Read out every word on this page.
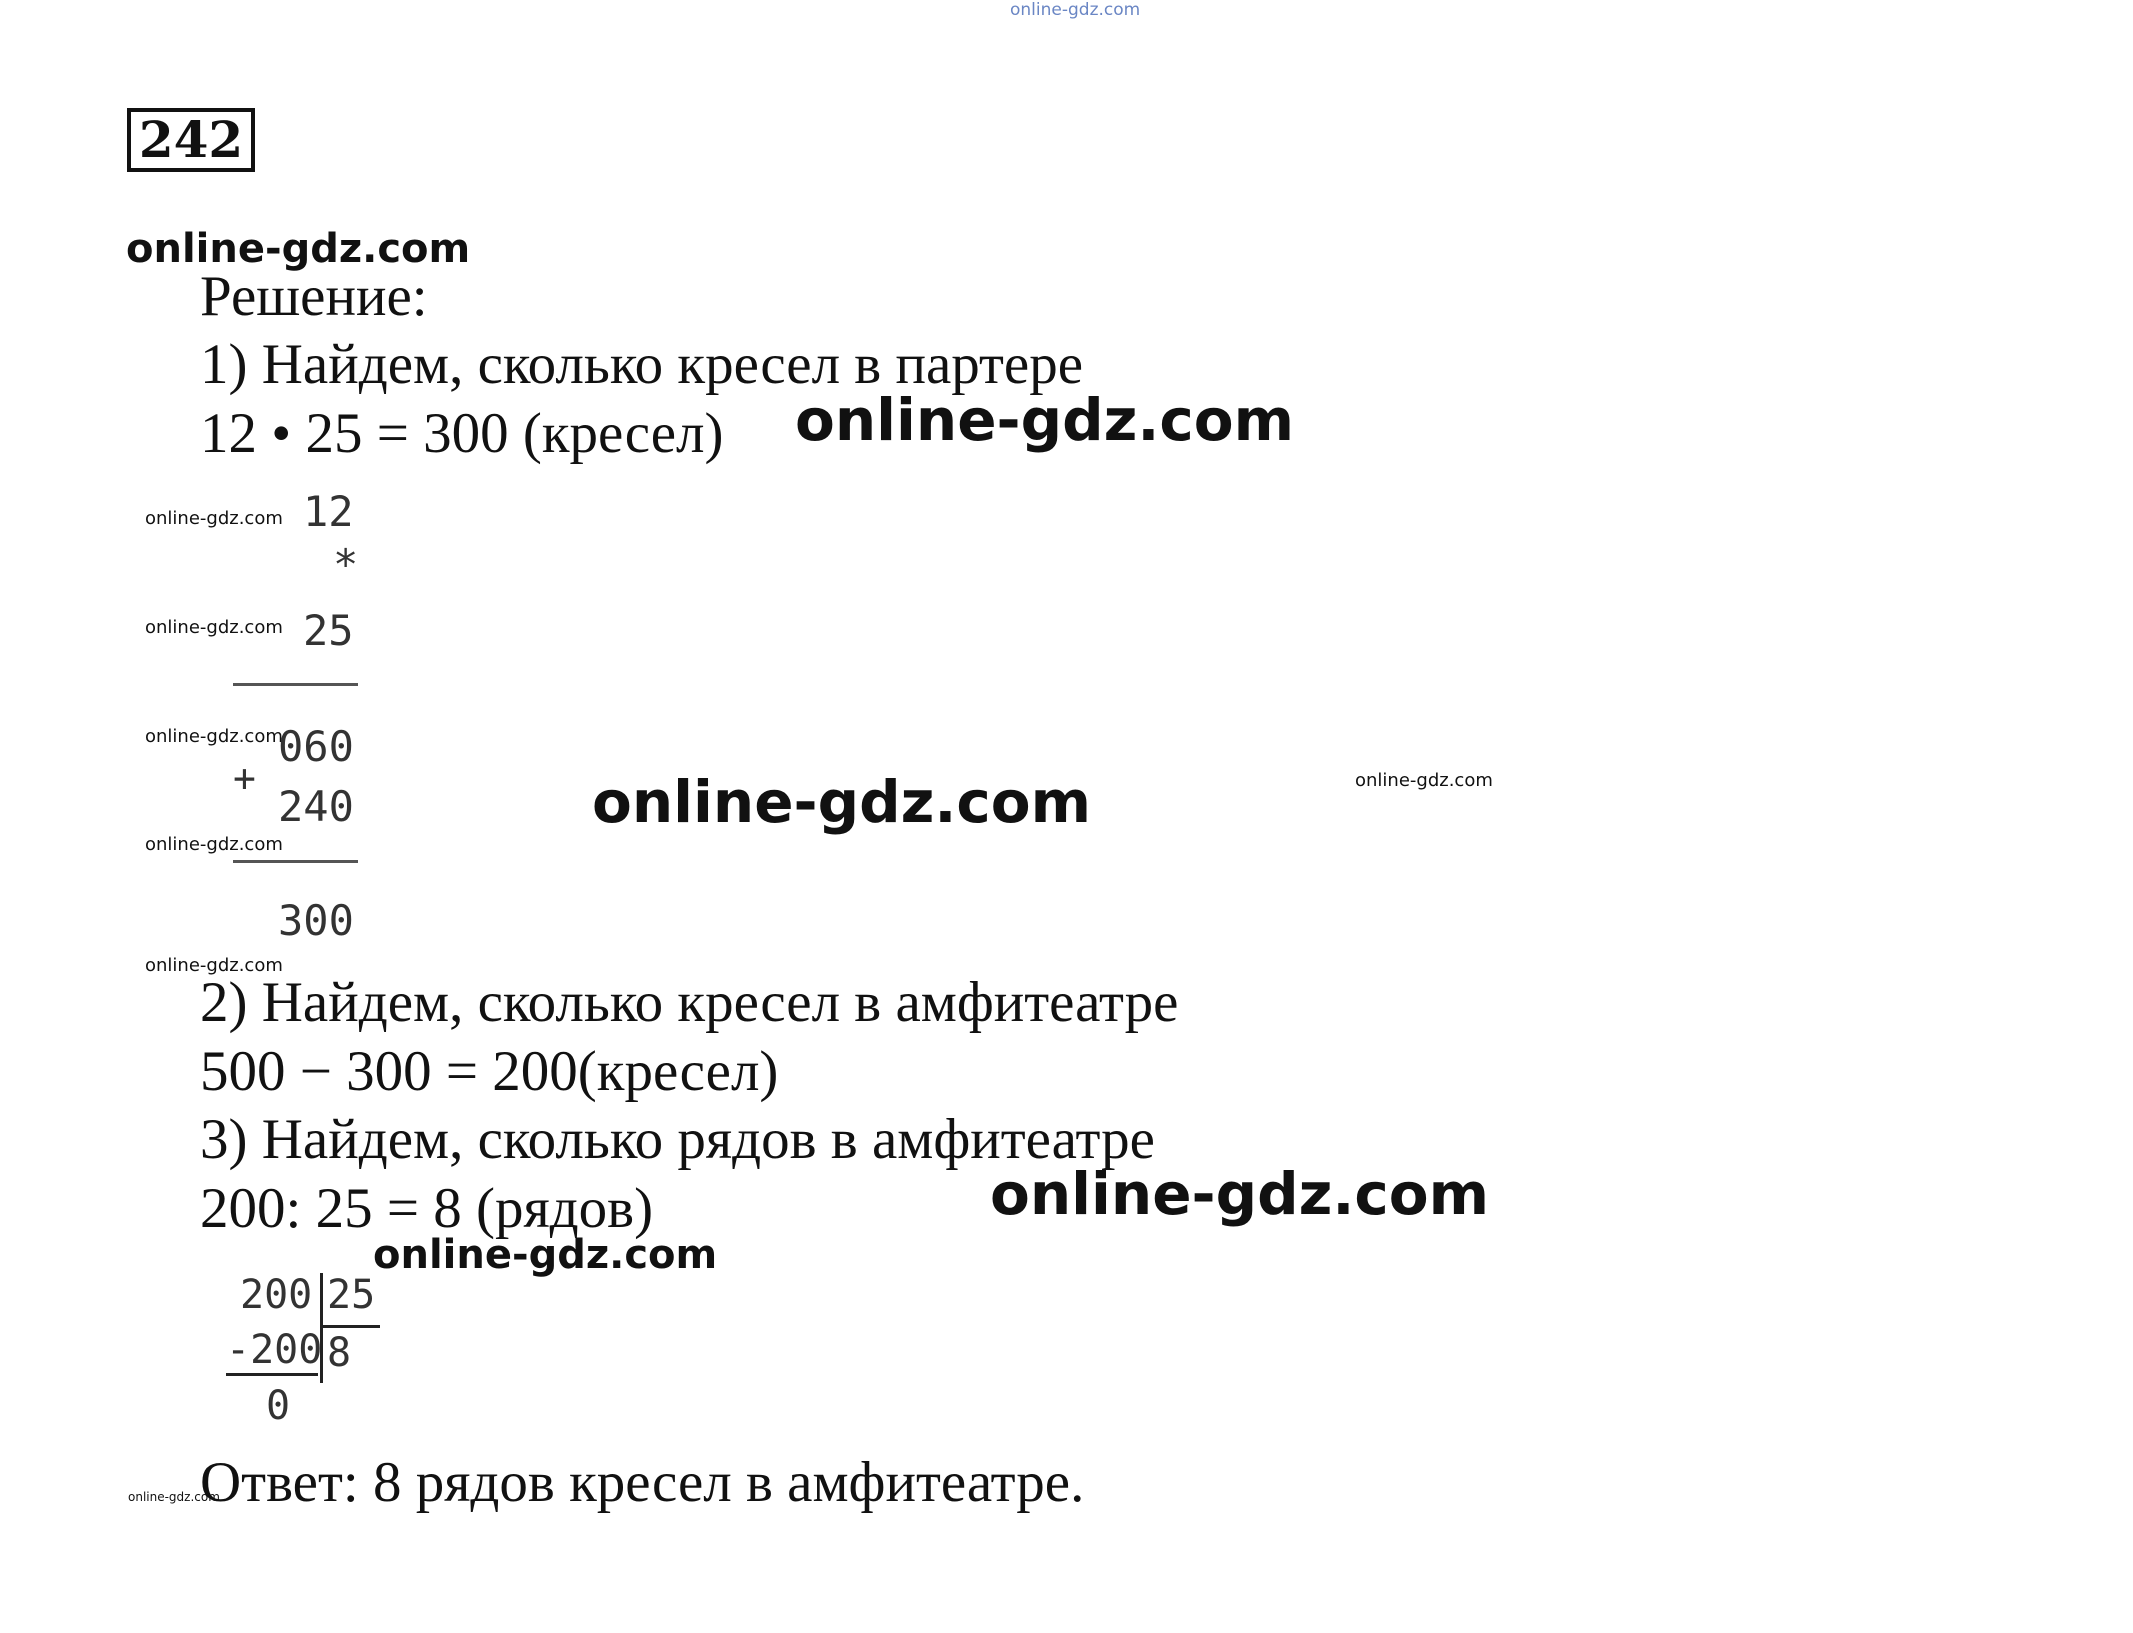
online-gdz.com
242
online-gdz.com
Решение:
1) Найдем, сколько кресел в партере
12 • 25 = 300 (кресел) online-gdz.com
online-gdz.com 12
*
online-gdz.com 25
online-gdz.com
060
+
240
online-gdz.com
300
online-gdz.com
online-gdz.com	online-gdz.com
2) Найдем, сколько кресел в амфитеатре
500 − 300 = 200(кресел)
3) Найдем, сколько рядов в амфитеатре
200: 25 = 8 (рядов)	online-gdz.com
online-gdz.com
200 25
-200 8
0
online-gdz.com
Ответ: 8 рядов кресел в амфитеатре.
